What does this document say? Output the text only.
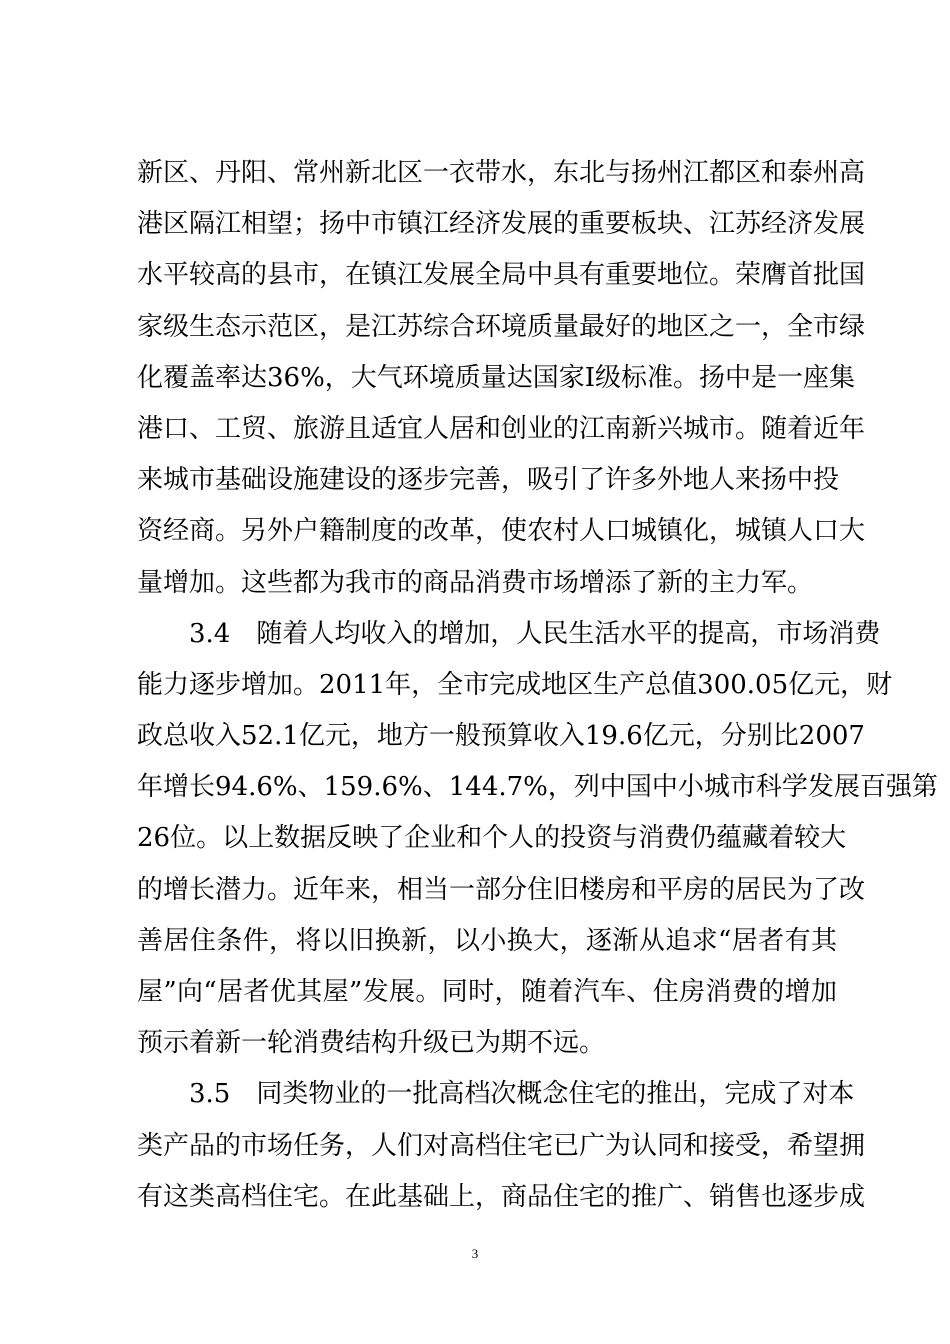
新区、丹阳、常州新北区一衣带水，东北与扬州江都区和泰州高
港区隔江相望；扬中市镇江经济发展的重要板块、江苏经济发展
水平较高的县市，在镇江发展全局中具有重要地位。荣膺首批国
家级生态示范区，是江苏综合环境质量最好的地区之一，全市绿
化覆盖率达36%，大气环境质量达国家Ⅰ级标准。扬中是一座集
港口、工贸、旅游且适宜人居和创业的江南新兴城市。随着近年
来城市基础设施建设的逐步完善，吸引了许多外地人来扬中投
资经商。另外户籍制度的改革，使农村人口城镇化，城镇人口大
量增加。这些都为我市的商品消费市场增添了新的主力军。
3.4　随着人均收入的增加，人民生活水平的提高，市场消费
能力逐步增加。2011年，全市完成地区生产总值300.05亿元，财
政总收入52.1亿元，地方一般预算收入19.6亿元，分别比2007
年增长94.6%、159.6%、144.7%，列中国中小城市科学发展百强第
26位。以上数据反映了企业和个人的投资与消费仍蕴藏着较大
的增长潜力。近年来，相当一部分住旧楼房和平房的居民为了改
善居住条件，将以旧换新，以小换大，逐渐从追求“居者有其
屋”向“居者优其屋”发展。同时，随着汽车、住房消费的增加
预示着新一轮消费结构升级已为期不远。
3.5　同类物业的一批高档次概念住宅的推出，完成了对本
类产品的市场任务，人们对高档住宅已广为认同和接受，希望拥
有这类高档住宅。在此基础上，商品住宅的推广、销售也逐步成
3
